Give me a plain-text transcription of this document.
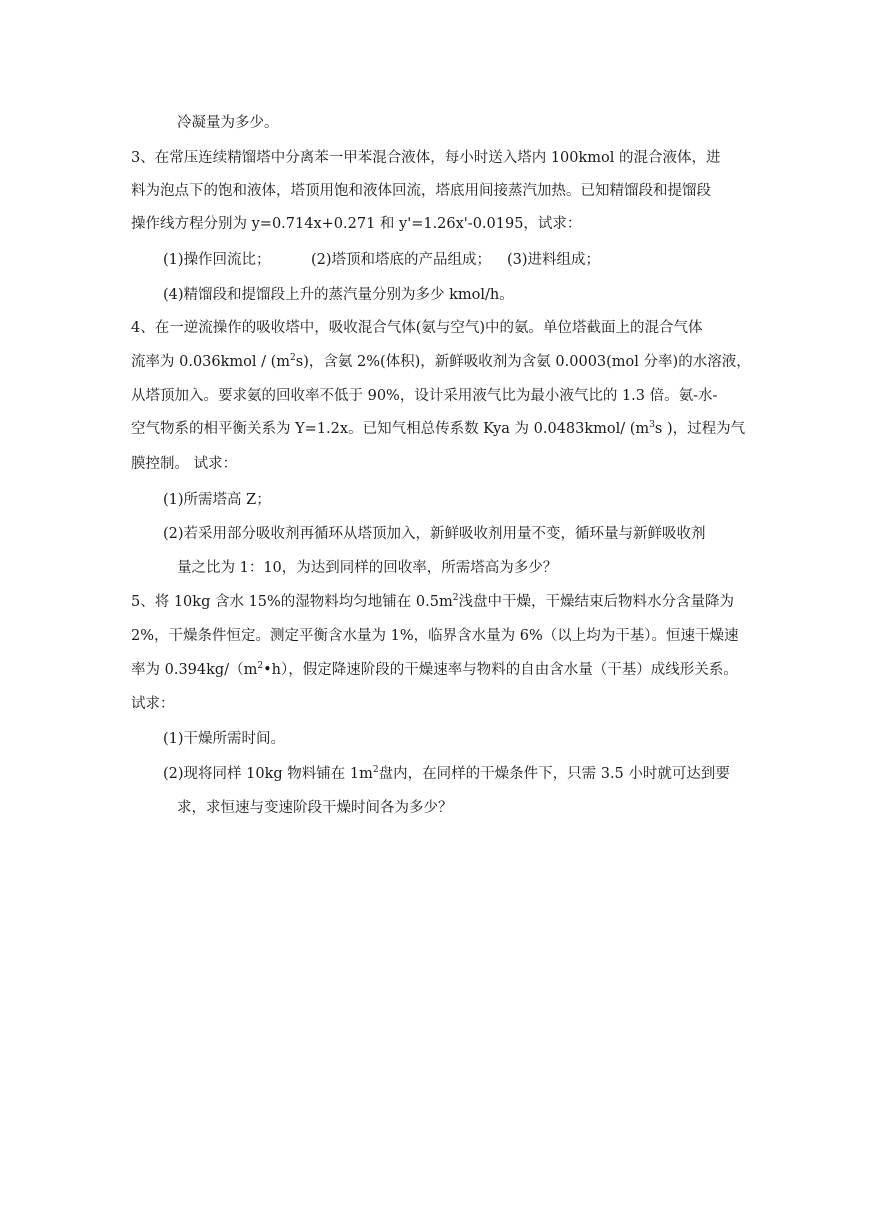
冷凝量为多少。
3、在常压连续精馏塔中分离苯一甲苯混合液体，每小时送入塔内 100kmol 的混合液体，进
料为泡点下的饱和液体，塔顶用饱和液体回流，塔底用间接蒸汽加热。已知精馏段和提馏段
操作线方程分别为 y=0.714x+0.271 和 y'=1.26x'-0.0195，试求：
(1)操作回流比；	(2)塔顶和塔底的产品组成； (3)进料组成；
(4)精馏段和提馏段上升的蒸汽量分别为多少 kmol/h。
4、在一逆流操作的吸收塔中，吸收混合气体(氨与空气)中的氨。单位塔截面上的混合气体
流率为 0.036kmol / $(m^2s)$，含氨 2%(体积)，新鲜吸收剂为含氨 0.0003(mol 分率)的水溶液，
从塔顶加入。要求氨的回收率不低于 90%，设计采用液气比为最小液气比的 1.3 倍。氨-水-
空气物系的相平衡关系为 Y=1.2x。已知气相总传系数 Kya 为 0.0483kmol/ ($m^3s$ )，过程为气
膜控制。 试求：
(1)所需塔高 Z；
(2)若采用部分吸收剂再循环从塔顶加入，新鲜吸收剂用量不变，循环量与新鲜吸收剂
量之比为 1：10，为达到同样的回收率，所需塔高为多少？
5、将 10kg 含水 15%的湿物料均匀地铺在 $0.5m^2$浅盘中干燥，干燥结束后物料水分含量降为
2%，干燥条件恒定。测定平衡含水量为 1%，临界含水量为 6%（以上均为干基）。恒速干燥速
率为 $0.394kg/(m^2•h)$，假定降速阶段的干燥速率与物料的自由含水量（干基）成线形关系。
试求：
(1)干燥所需时间。
(2)现将同样 10kg 物料铺在 $1m^2$盘内，在同样的干燥条件下，只需 3.5 小时就可达到要
求，求恒速与变速阶段干燥时间各为多少？
